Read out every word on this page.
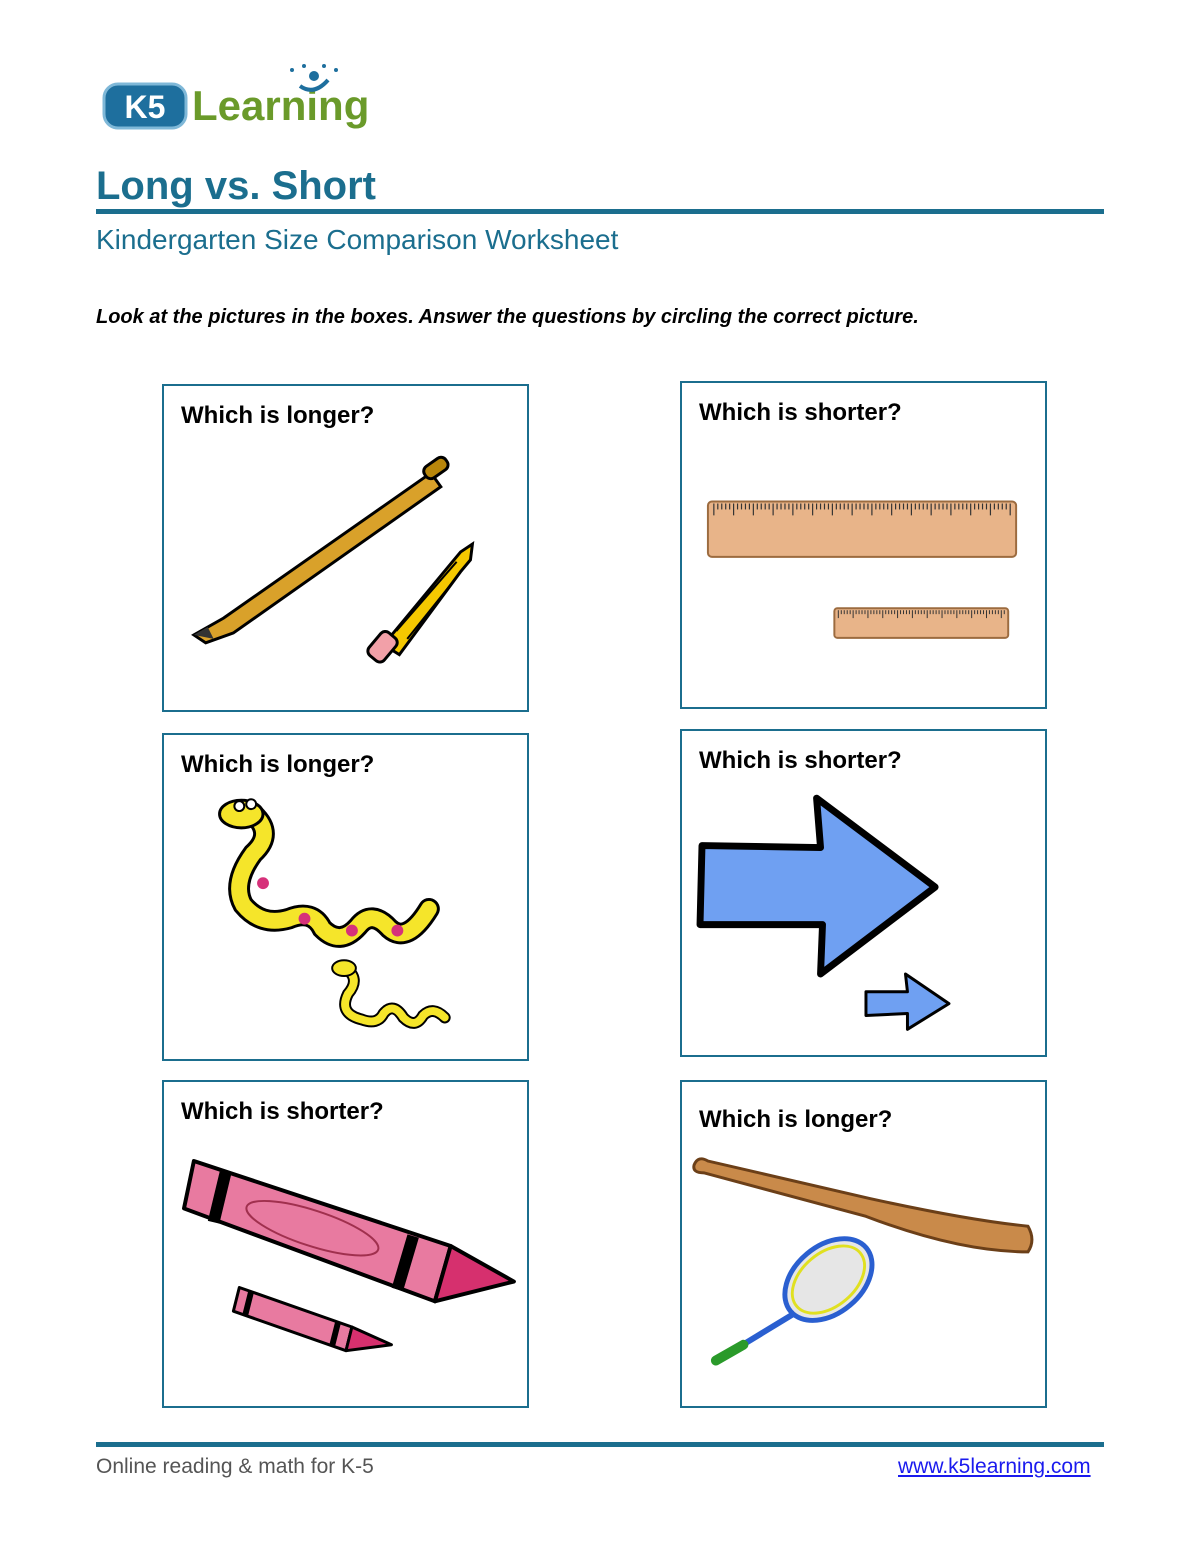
K5 Learning
Long vs. Short
Kindergarten Size Comparison Worksheet
Look at the pictures in the boxes. Answer the questions by circling the correct picture.
Which is longer?	Which is shorter?
Which is longer?	Which is shorter?
Which is shorter?	Which is longer?
Online reading & math for K-5	www.k5learning.com
